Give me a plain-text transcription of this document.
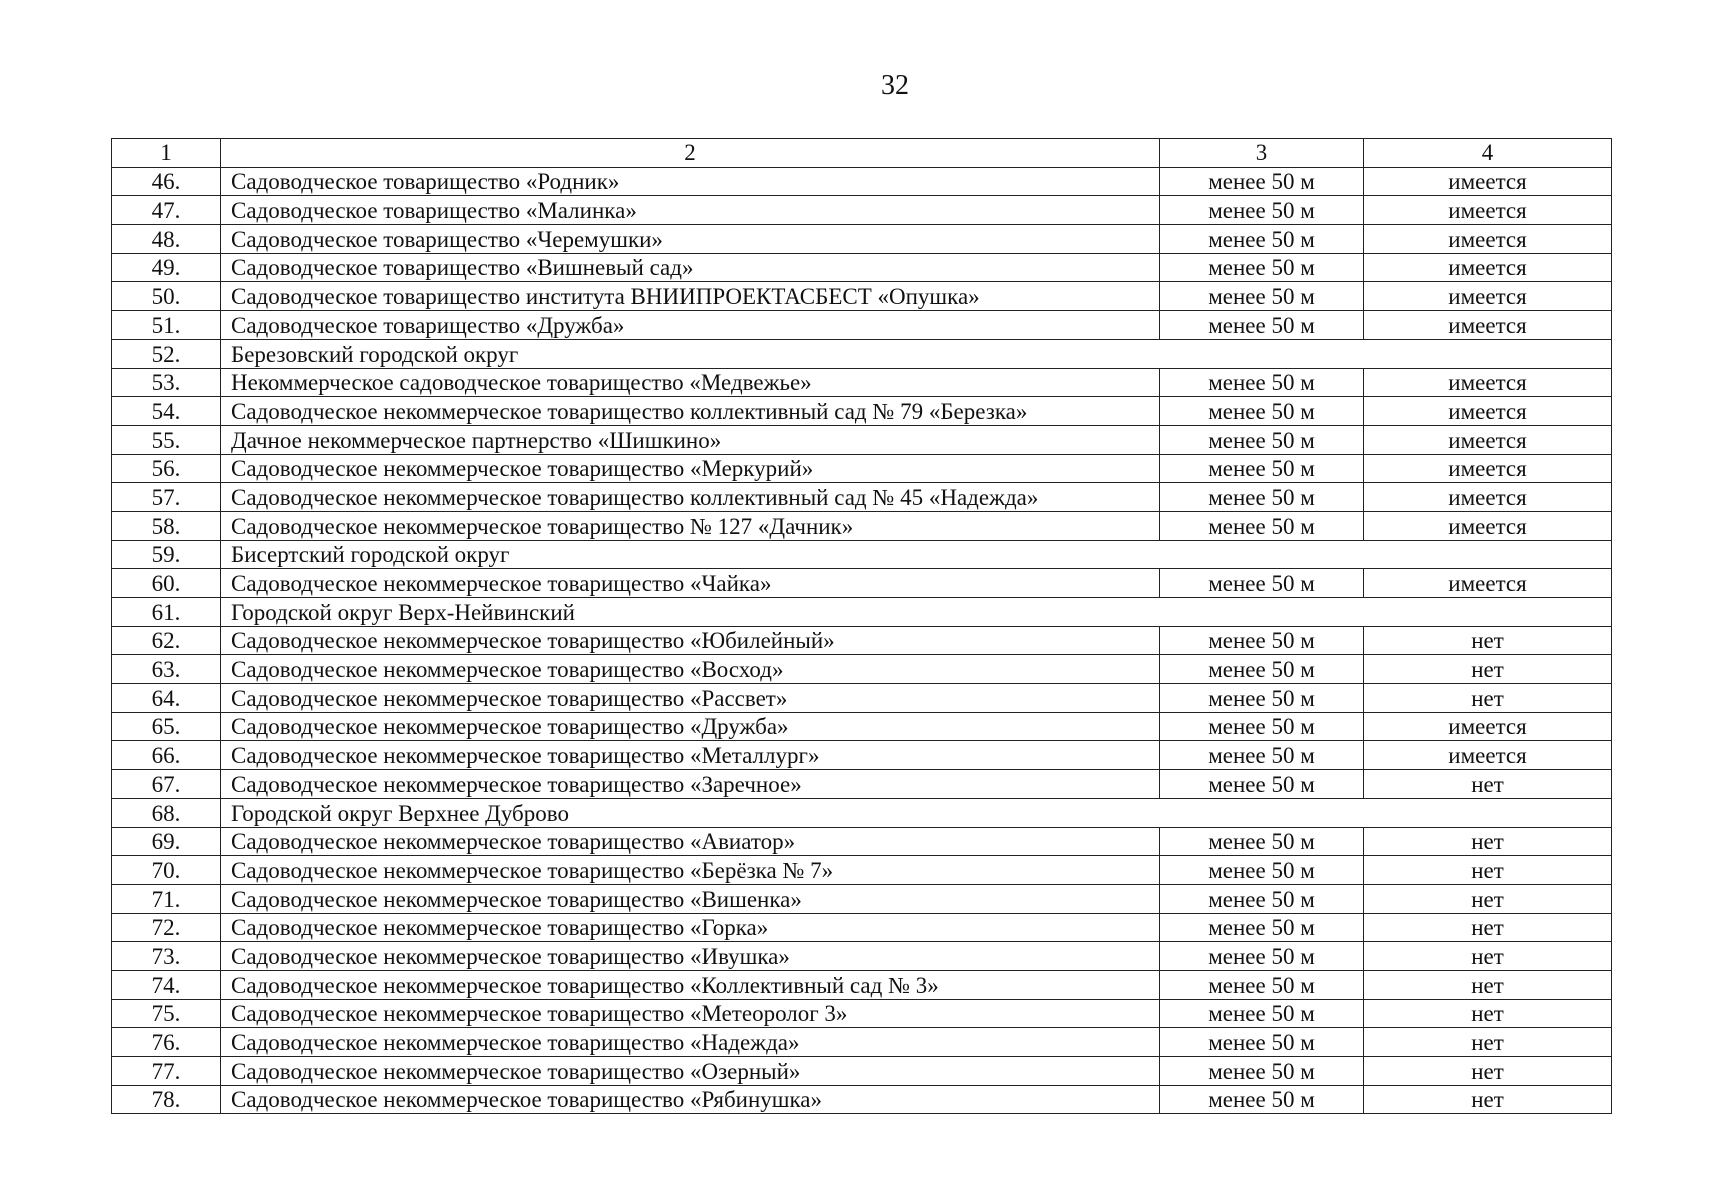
32
1	2	3	4
46.	Садоводческое товарищество «Родник»	менее 50 м	имеется
47.	Садоводческое товарищество «Малинка»	менее 50 м	имеется
48.	Садоводческое товарищество «Черемушки»	менее 50 м	имеется
49.	Садоводческое товарищество «Вишневый сад»	менее 50 м	имеется
50.	Садоводческое товарищество института ВНИИПРОЕКТАСБЕСТ «Опушка»	менее 50 м	имеется
51.	Садоводческое товарищество «Дружба»	менее 50 м	имеется
52.	Березовский городской округ		
53.	Некоммерческое садоводческое товарищество «Медвежье»	менее 50 м	имеется
54.	Садоводческое некоммерческое товарищество коллективный сад № 79 «Березка»	менее 50 м	имеется
55.	Дачное некоммерческое партнерство «Шишкино»	менее 50 м	имеется
56.	Садоводческое некоммерческое товарищество «Меркурий»	менее 50 м	имеется
57.	Садоводческое некоммерческое товарищество коллективный сад № 45 «Надежда»	менее 50 м	имеется
58.	Садоводческое некоммерческое товарищество № 127 «Дачник»	менее 50 м	имеется
59.	Бисертский городской округ		
60.	Садоводческое некоммерческое товарищество «Чайка»	менее 50 м	имеется
61.	Городской округ Верх-Нейвинский		
62.	Садоводческое некоммерческое товарищество «Юбилейный»	менее 50 м	нет
63.	Садоводческое некоммерческое товарищество «Восход»	менее 50 м	нет
64.	Садоводческое некоммерческое товарищество «Рассвет»	менее 50 м	нет
65.	Садоводческое некоммерческое товарищество «Дружба»	менее 50 м	имеется
66.	Садоводческое некоммерческое товарищество «Металлург»	менее 50 м	имеется
67.	Садоводческое некоммерческое товарищество «Заречное»	менее 50 м	нет
68.	Городской округ Верхнее Дуброво		
69.	Садоводческое некоммерческое товарищество «Авиатор»	менее 50 м	нет
70.	Садоводческое некоммерческое товарищество «Берёзка № 7»	менее 50 м	нет
71.	Садоводческое некоммерческое товарищество «Вишенка»	менее 50 м	нет
72.	Садоводческое некоммерческое товарищество «Горка»	менее 50 м	нет
73.	Садоводческое некоммерческое товарищество «Ивушка»	менее 50 м	нет
74.	Садоводческое некоммерческое товарищество «Коллективный сад № 3»	менее 50 м	нет
75.	Садоводческое некоммерческое товарищество «Метеоролог 3»	менее 50 м	нет
76.	Садоводческое некоммерческое товарищество «Надежда»	менее 50 м	нет
77.	Садоводческое некоммерческое товарищество «Озерный»	менее 50 м	нет
78.	Садоводческое некоммерческое товарищество «Рябинушка»	менее 50 м	нет
